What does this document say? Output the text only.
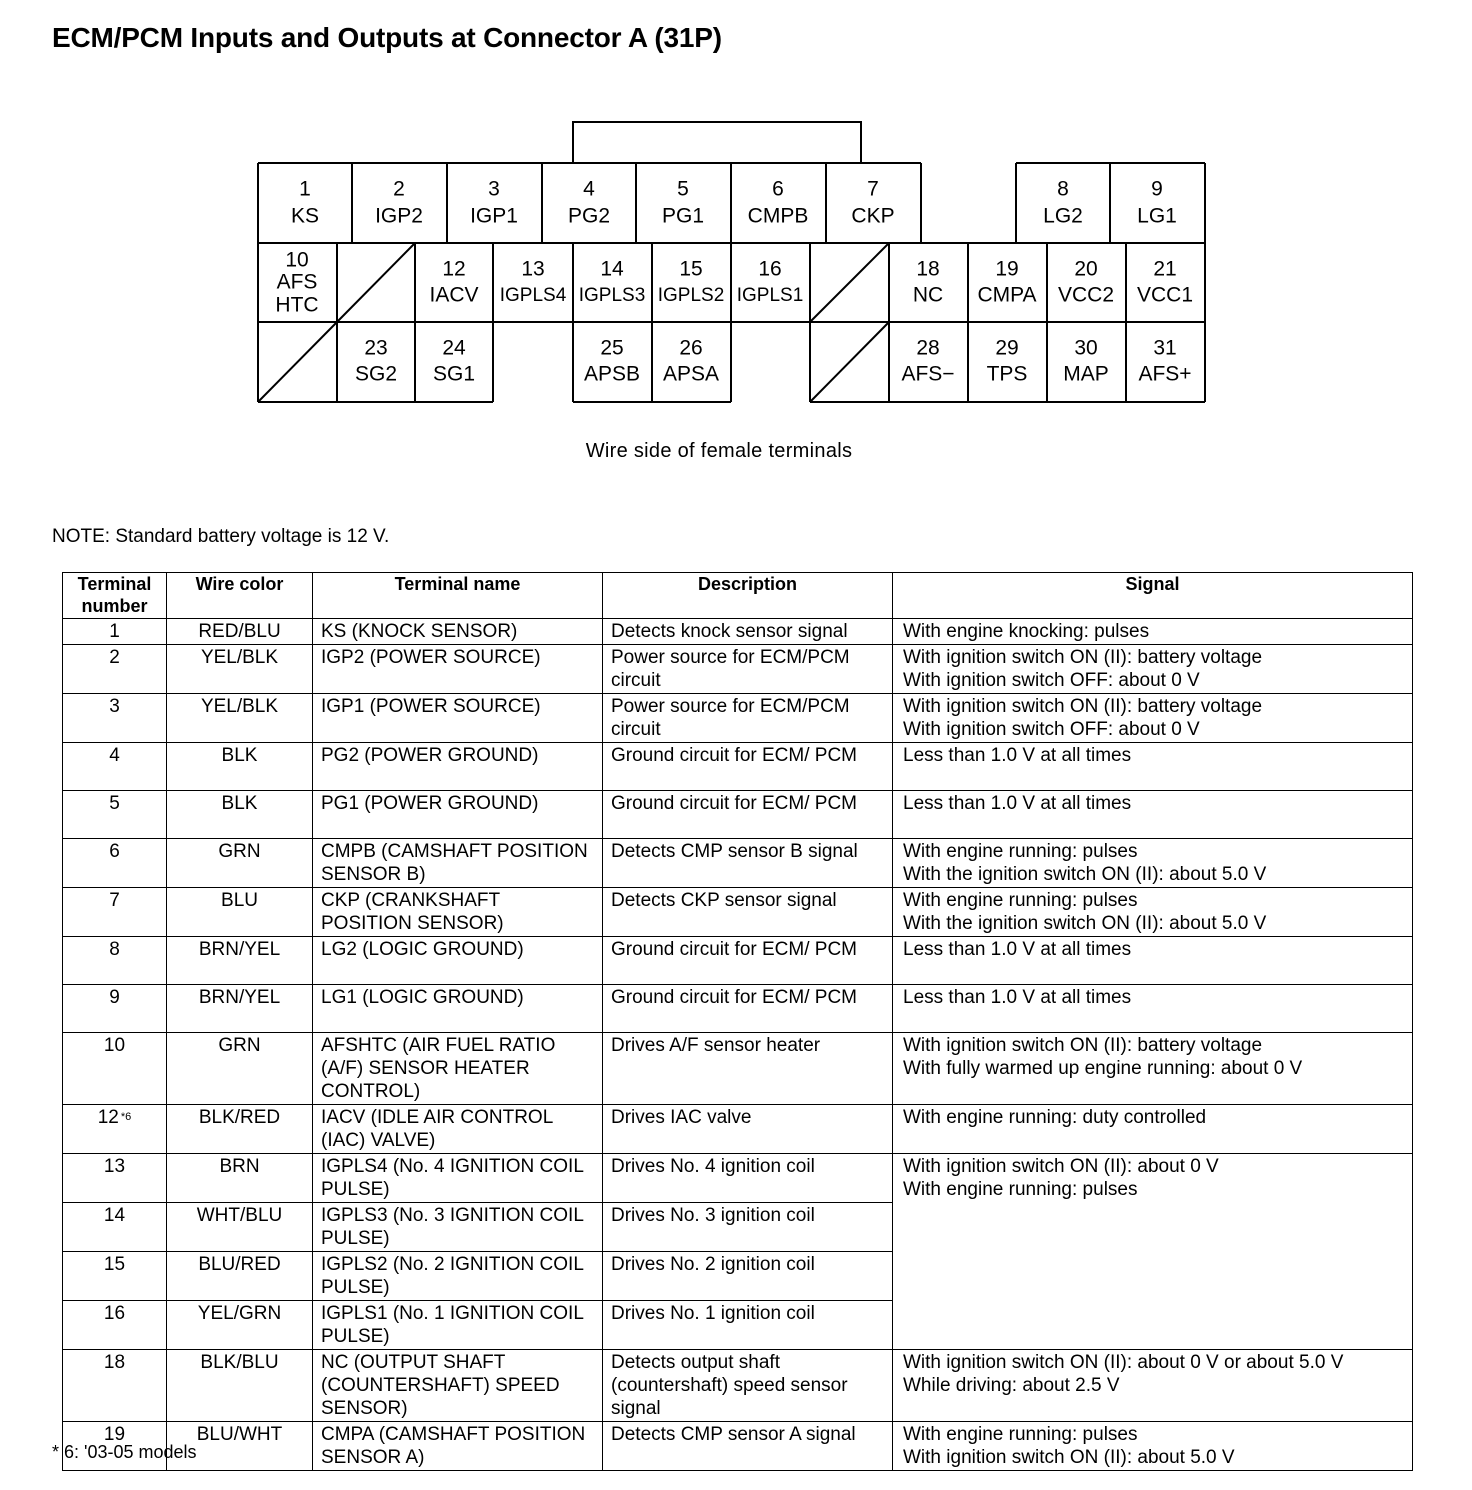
ECM/PCM Inputs and Outputs at Connector A (31P)
1
KS
2
IGP2
3
IGP1
4
PG2
5
PG1
6
CMPB
7
CKP
8
LG2
9
LG1
10
AFS
HTC
12
IACV
13
IGPLS4
14
IGPLS3
15
IGPLS2
16
IGPLS1
18
NC
19
CMPA
20
VCC2
21
VCC1
23
SG2
24
SG1
25
APSB
26
APSA
28
AFS−
29
TPS
30
MAP
31
AFS+
Wire side of female terminals
NOTE: Standard battery voltage is 12 V.
Terminal number	Wire color	Terminal name	Description	Signal
1	RED/BLU	KS (KNOCK SENSOR)	Detects knock sensor signal	With engine knocking: pulses

2	YEL/BLK	IGP2 (POWER SOURCE)	Power source for ECM/PCM circuit	With ignition switch ON (II): battery voltage
With ignition switch OFF: about 0 V

3	YEL/BLK	IGP1 (POWER SOURCE)	Power source for ECM/PCM circuit	With ignition switch ON (II): battery voltage
With ignition switch OFF: about 0 V

4	BLK	PG2 (POWER GROUND)	Ground circuit for ECM/ PCM	Less than 1.0 V at all times

5	BLK	PG1 (POWER GROUND)	Ground circuit for ECM/ PCM	Less than 1.0 V at all times

6	GRN	CMPB (CAMSHAFT POSITION SENSOR B)	Detects CMP sensor B signal	With engine running: pulses
With the ignition switch ON (II): about 5.0 V

7	BLU	CKP (CRANKSHAFT POSITION SENSOR)	Detects CKP sensor signal	With engine running: pulses
With the ignition switch ON (II): about 5.0 V

8	BRN/YEL	LG2 (LOGIC GROUND)	Ground circuit for ECM/ PCM	Less than 1.0 V at all times

9	BRN/YEL	LG1 (LOGIC GROUND)	Ground circuit for ECM/ PCM	Less than 1.0 V at all times

10	GRN	AFSHTC (AIR FUEL RATIO (A/F) SENSOR HEATER CONTROL)	Drives A/F sensor heater	With ignition switch ON (II): battery voltage
With fully warmed up engine running: about 0 V

12 $^{*6}$	BLK/RED	IACV (IDLE AIR CONTROL (IAC) VALVE)	Drives IAC valve	With engine running: duty controlled

13	BRN	IGPLS4 (No. 4 IGNITION COIL PULSE)	Drives No. 4 ignition coil	With ignition switch ON (II): about 0 V
With engine running: pulses

14	WHT/BLU	IGPLS3 (No. 3 IGNITION COIL PULSE)	Drives No. 3 ignition coil	
15	BLU/RED	IGPLS2 (No. 2 IGNITION COIL PULSE)	Drives No. 2 ignition coil	
16	YEL/GRN	IGPLS1 (No. 1 IGNITION COIL PULSE)	Drives No. 1 ignition coil	
18	BLK/BLU	NC (OUTPUT SHAFT (COUNTERSHAFT) SPEED SENSOR)	Detects output shaft (countershaft) speed sensor signal	With ignition switch ON (II): about 0 V or about 5.0 V
While driving: about 2.5 V

19	BLU/WHT	CMPA (CAMSHAFT POSITION SENSOR A)	Detects CMP sensor A signal	With engine running: pulses
With ignition switch ON (II): about 5.0 V
* 6: '03-05 models
